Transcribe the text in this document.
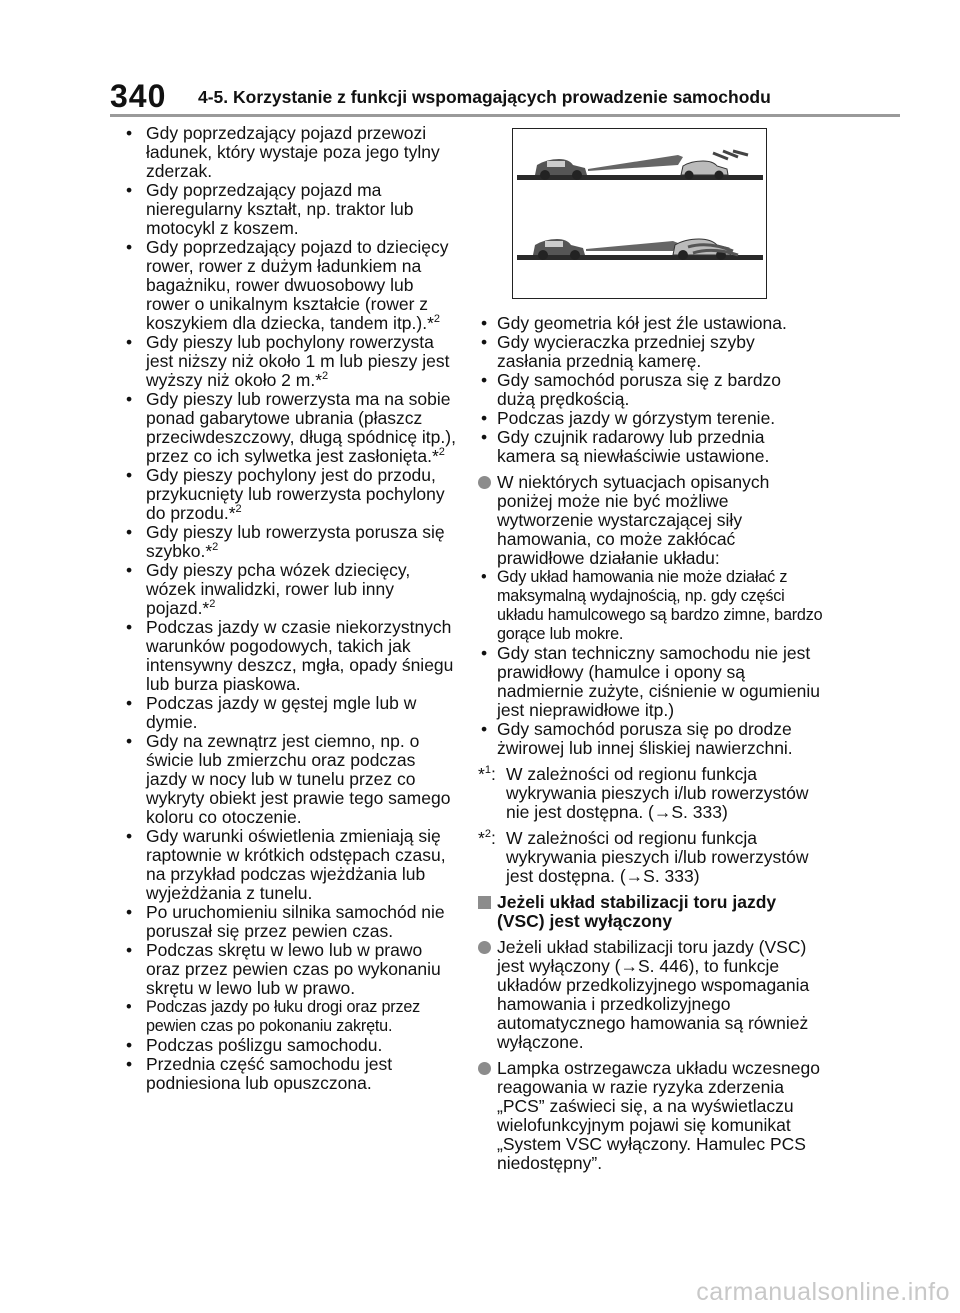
340 4-5. Korzystanie z funkcji wspomagających prowadzenie samochodu
• Gdy poprzedzający pojazd przewozi ładunek, który wystaje poza jego tylny zderzak.
• Gdy poprzedzający pojazd ma nieregularny kształt, np. traktor lub motocykl z koszem.
• Gdy poprzedzający pojazd to dziecięcy rower, rower z dużym ładunkiem na bagażniku, rower dwuosobowy lub rower o unikalnym kształcie (rower z koszykiem dla dziecka, tandem itp.).*$^2$
• Gdy pieszy lub pochylony rowerzysta jest niższy niż około 1 m lub pieszy jest wyższy niż około 2 m.*$^2$
• Gdy pieszy lub rowerzysta ma na sobie ponad gabarytowe ubrania (płaszcz przeciwdeszczowy, długą spódnicę itp.), przez co ich sylwetka jest zasłonięta.*$^2$
• Gdy pieszy pochylony jest do przodu, przykucnięty lub rowerzysta pochylony do przodu.*$^2$
• Gdy pieszy lub rowerzysta porusza się szybko.*$^2$
• Gdy pieszy pcha wózek dziecięcy, wózek inwalidzki, rower lub inny pojazd.*$^2$
• Podczas jazdy w czasie niekorzystnych warunków pogodowych, takich jak intensywny deszcz, mgła, opady śniegu lub burza piaskowa.
• Podczas jazdy w gęstej mgle lub w dymie.
• Gdy na zewnątrz jest ciemno, np. o świcie lub zmierzchu oraz podczas jazdy w nocy lub w tunelu przez co wykryty obiekt jest prawie tego samego koloru co otoczenie.
• Gdy warunki oświetlenia zmieniają się raptownie w krótkich odstępach czasu, na przykład podczas wjeżdżania lub wyjeżdżania z tunelu.
• Po uruchomieniu silnika samochód nie poruszał się przez pewien czas.
• Podczas skrętu w lewo lub w prawo oraz przez pewien czas po wykonaniu skrętu w lewo lub w prawo.
• Podczas jazdy po łuku drogi oraz przez pewien czas po pokonaniu zakrętu.
• Podczas poślizgu samochodu.
• Przednia część samochodu jest podniesiona lub opuszczona.
• Gdy geometria kół jest źle ustawiona.
• Gdy wycieraczka przedniej szyby zasłania przednią kamerę.
• Gdy samochód porusza się z bardzo dużą prędkością.
• Podczas jazdy w górzystym terenie.
• Gdy czujnik radarowy lub przednia kamera są niewłaściwie ustawione.
W niektórych sytuacjach opisanych poniżej może nie być możliwe wytworzenie wystarczającej siły hamowania, co może zakłócać prawidłowe działanie układu:
• Gdy układ hamowania nie może działać z maksymalną wydajnością, np. gdy części układu hamulcowego są bardzo zimne, bardzo gorące lub mokre.
• Gdy stan techniczny samochodu nie jest prawidłowy (hamulce i opony są nadmiernie zużyte, ciśnienie w ogumieniu jest nieprawidłowe itp.)
• Gdy samochód porusza się po drodze żwirowej lub innej śliskiej nawierzchni.
*$^1$: W zależności od regionu funkcja wykrywania pieszych i/lub rowerzystów nie jest dostępna. (→S. 333)
*$^2$: W zależności od regionu funkcja wykrywania pieszych i/lub rowerzystów jest dostępna. (→S. 333)
Jeżeli układ stabilizacji toru jazdy (VSC) jest wyłączony
Jeżeli układ stabilizacji toru jazdy (VSC) jest wyłączony (→S. 446), to funkcje układów przedkolizyjnego wspomagania hamowania i przedkolizyjnego automatycznego hamowania są również wyłączone.
Lampka ostrzegawcza układu wczesnego reagowania w razie ryzyka zderzenia „PCS” zaświeci się, a na wyświetlaczu wielofunkcyjnym pojawi się komunikat „System VSC wyłączony. Hamulec PCS niedostępny”.
carmanualsonline.info
